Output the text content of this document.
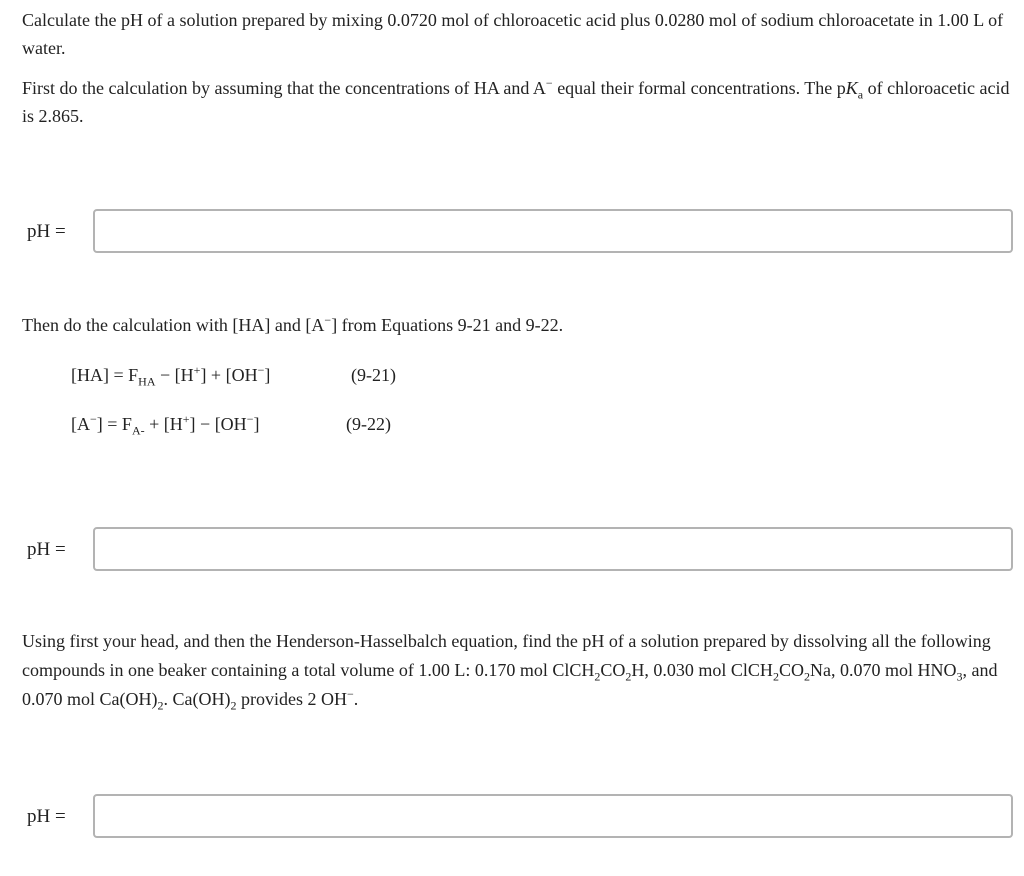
Calculate the pH of a solution prepared by mixing 0.0720 mol of chloroacetic acid plus 0.0280 mol of sodium chloroacetate in 1.00 L of water.

First do the calculation by assuming that the concentrations of HA and A− equal their formal concentrations. The $pK_a$ of chloroacetic acid is 2.865.

pH =

Then do the calculation with [HA] and [A−] from Equations 9-21 and 9-22.

$[HA] = F_{HA} - [H^+] + [OH^-]$	(9-21)
$[A^-] = F_{A-} + [H^+] - [OH^-]$	(9-22)
pH =

Using first your head, and then the Henderson-Hasselbalch equation, find the pH of a solution prepared by dissolving all the following compounds in one beaker containing a total volume of 1.00 L: 0.170 mol $ClCH_2CO_2H$, 0.030 mol $ClCH_2CO_2Na$, 0.070 mol $HNO_3$, and 0.070 mol $Ca(OH)_2$. $Ca(OH)_2$ provides 2 OH−.

pH =
